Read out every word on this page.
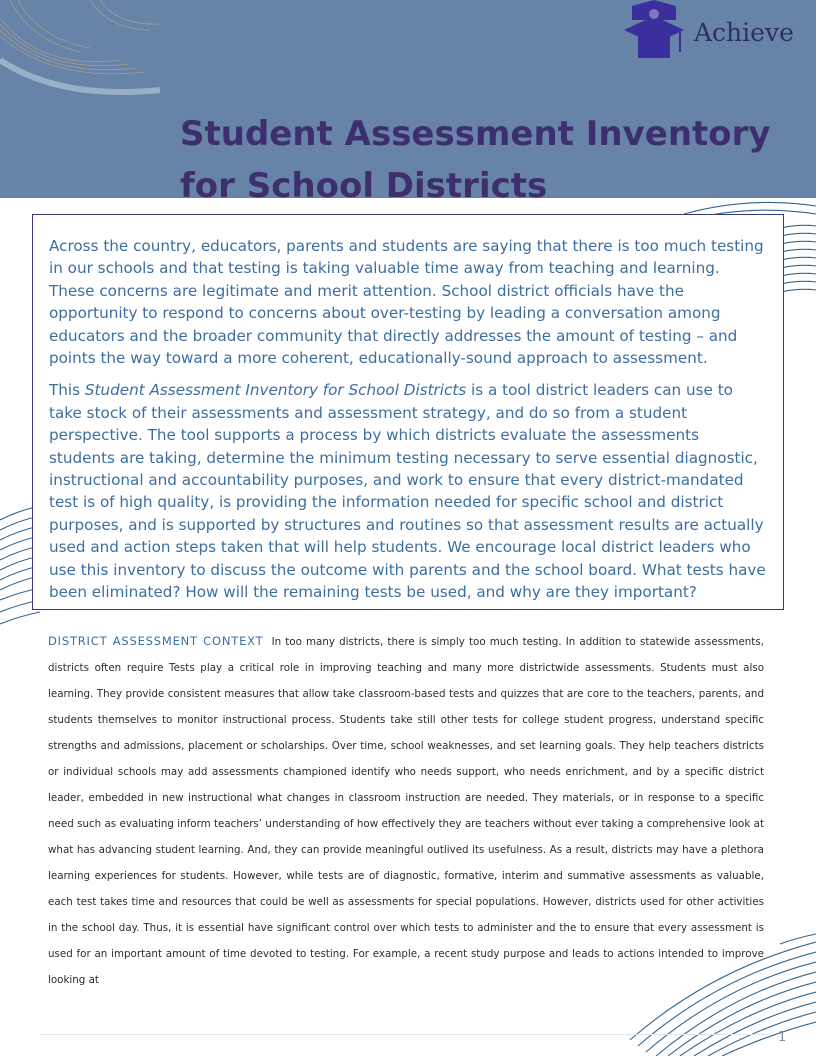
Achieve
Student Assessment Inventory
for School Districts

Across the country, educators, parents and students are saying that there is too much testing in our schools and that testing is taking valuable time away from teaching and learning. These concerns are legitimate and merit attention. School district officials have the opportunity to respond to concerns about over-testing by leading a conversation among educators and the broader community that directly addresses the amount of testing – and points the way toward a more coherent, educationally-sound approach to assessment.

This Student Assessment Inventory for School Districts is a tool district leaders can use to take stock of their assessments and assessment strategy, and do so from a student perspective. The tool supports a process by which districts evaluate the assessments students are taking, determine the minimum testing necessary to serve essential diagnostic, instructional and accountability purposes, and work to ensure that every district-mandated test is of high quality, is providing the information needed for specific school and district purposes, and is supported by structures and routines so that assessment results are actually used and action steps taken that will help students. We encourage local district leaders who use this inventory to discuss the outcome with parents and the school board. What tests have been eliminated? How will the remaining tests be used, and why are they important?

DISTRICT ASSESSMENT CONTEXT In too many districts, there is simply too much testing. In addition to statewide assessments, districts often require Tests play a critical role in improving teaching and many more districtwide assessments. Students must also learning. They provide consistent measures that allow take classroom-based tests and quizzes that are core to the teachers, parents, and students themselves to monitor instructional process. Students take still other tests for college student progress, understand specific strengths and admissions, placement or scholarships. Over time, school weaknesses, and set learning goals. They help teachers districts or individual schools may add assessments championed identify who needs support, who needs enrichment, and by a specific district leader, embedded in new instructional what changes in classroom instruction are needed. They materials, or in response to a specific need such as evaluating inform teachers’ understanding of how effectively they are teachers without ever taking a comprehensive look at what has advancing student learning. And, they can provide meaningful outlived its usefulness. As a result, districts may have a plethora learning experiences for students. However, while tests are of diagnostic, formative, interim and summative assessments as valuable, each test takes time and resources that could be well as assessments for special populations. However, districts used for other activities in the school day. Thus, it is essential have significant control over which tests to administer and the to ensure that every assessment is used for an important amount of time devoted to testing. For example, a recent study purpose and leads to actions intended to improve looking at

1
